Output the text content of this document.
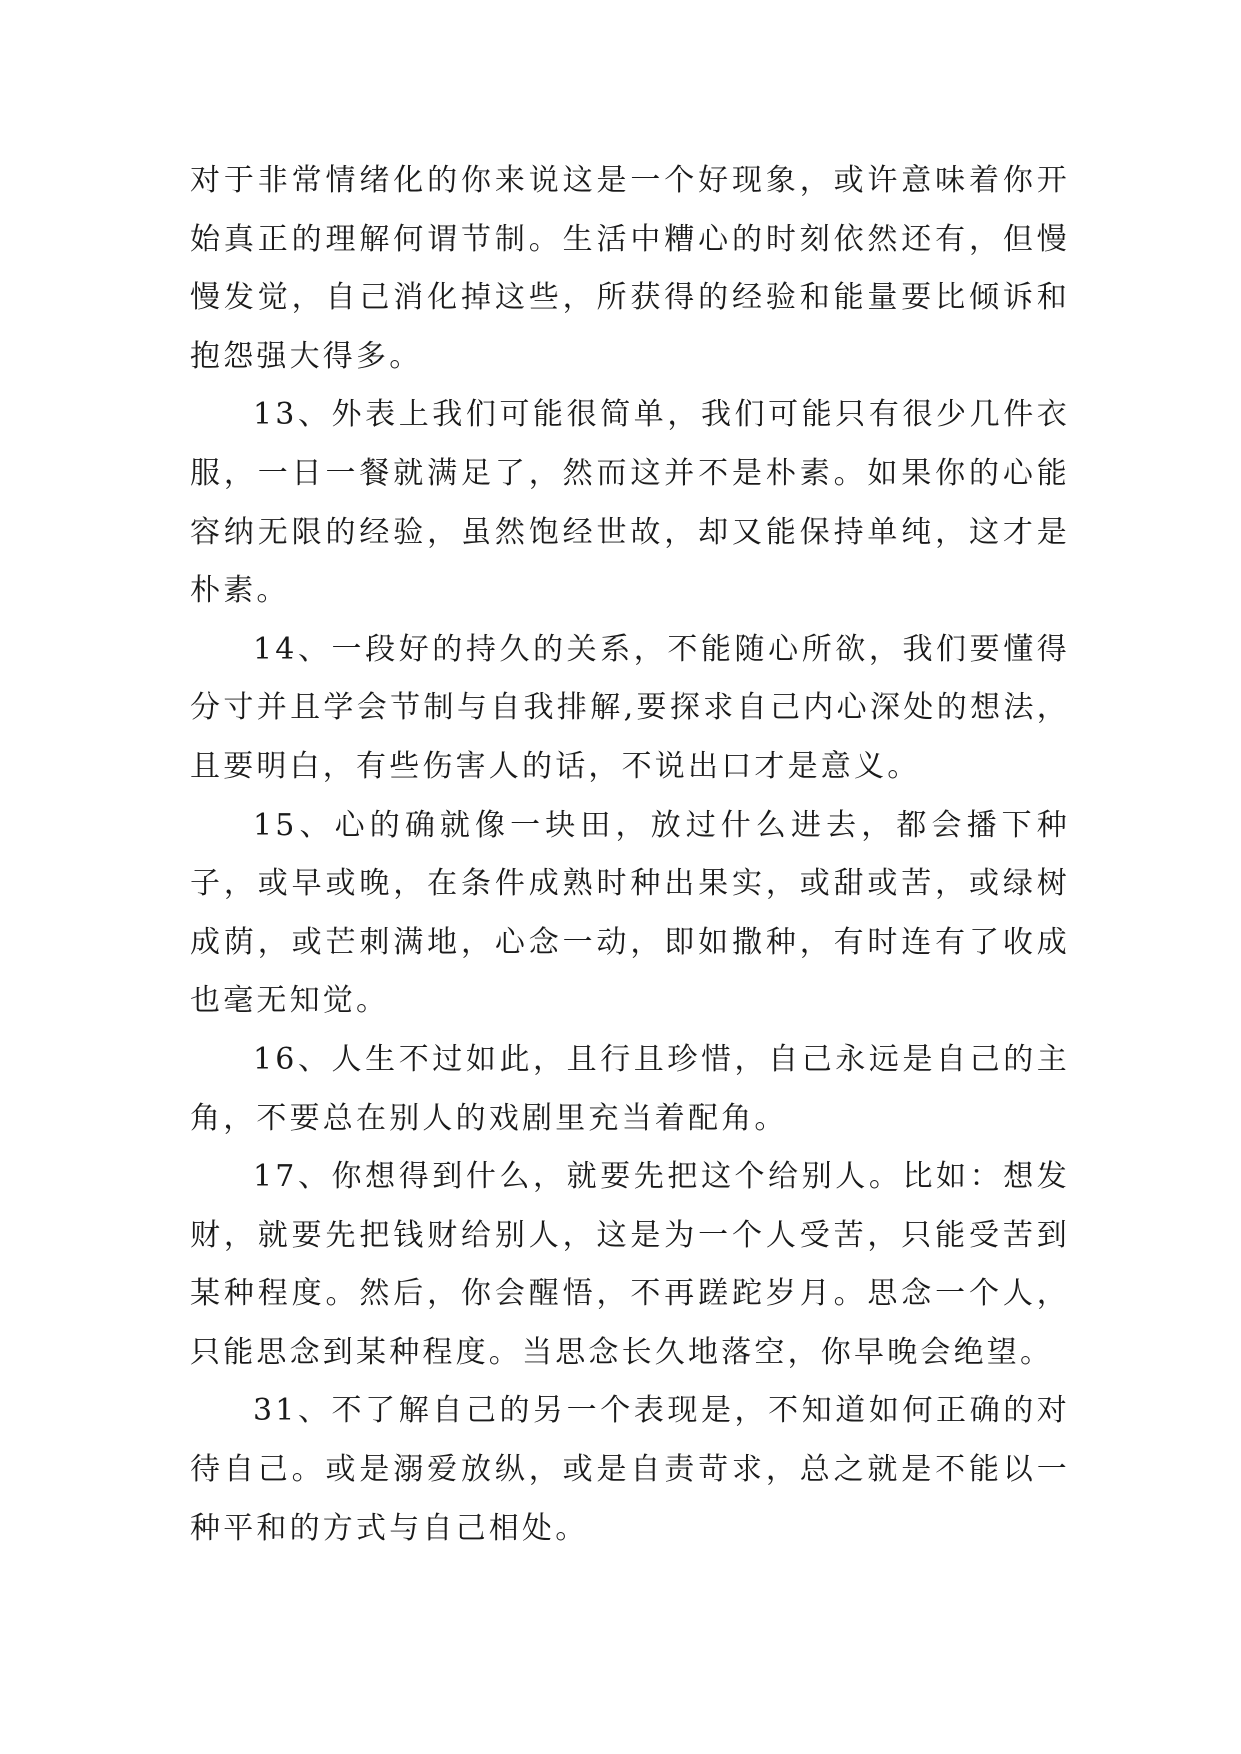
对于非常情绪化的你来说这是一个好现象，或许意味着你开始真正的理解何谓节制。生活中糟心的时刻依然还有，但慢慢发觉，自己消化掉这些，所获得的经验和能量要比倾诉和抱怨强大得多。

13、外表上我们可能很简单，我们可能只有很少几件衣服，一日一餐就满足了，然而这并不是朴素。如果你的心能容纳无限的经验，虽然饱经世故，却又能保持单纯，这才是朴素。

14、一段好的持久的关系，不能随心所欲，我们要懂得分寸并且学会节制与自我排解,要探求自己内心深处的想法，且要明白，有些伤害人的话，不说出口才是意义。

15、心的确就像一块田，放过什么进去，都会播下种子，或早或晚，在条件成熟时种出果实，或甜或苦，或绿树成荫，或芒刺满地，心念一动，即如撒种，有时连有了收成也毫无知觉。

16、人生不过如此，且行且珍惜，自己永远是自己的主角，不要总在别人的戏剧里充当着配角。

17、你想得到什么，就要先把这个给别人。比如：想发财，就要先把钱财给别人，这是为一个人受苦，只能受苦到某种程度。然后，你会醒悟，不再蹉跎岁月。思念一个人，只能思念到某种程度。当思念长久地落空，你早晚会绝望。

31、不了解自己的另一个表现是，不知道如何正确的对待自己。或是溺爱放纵，或是自责苛求，总之就是不能以一种平和的方式与自己相处。
